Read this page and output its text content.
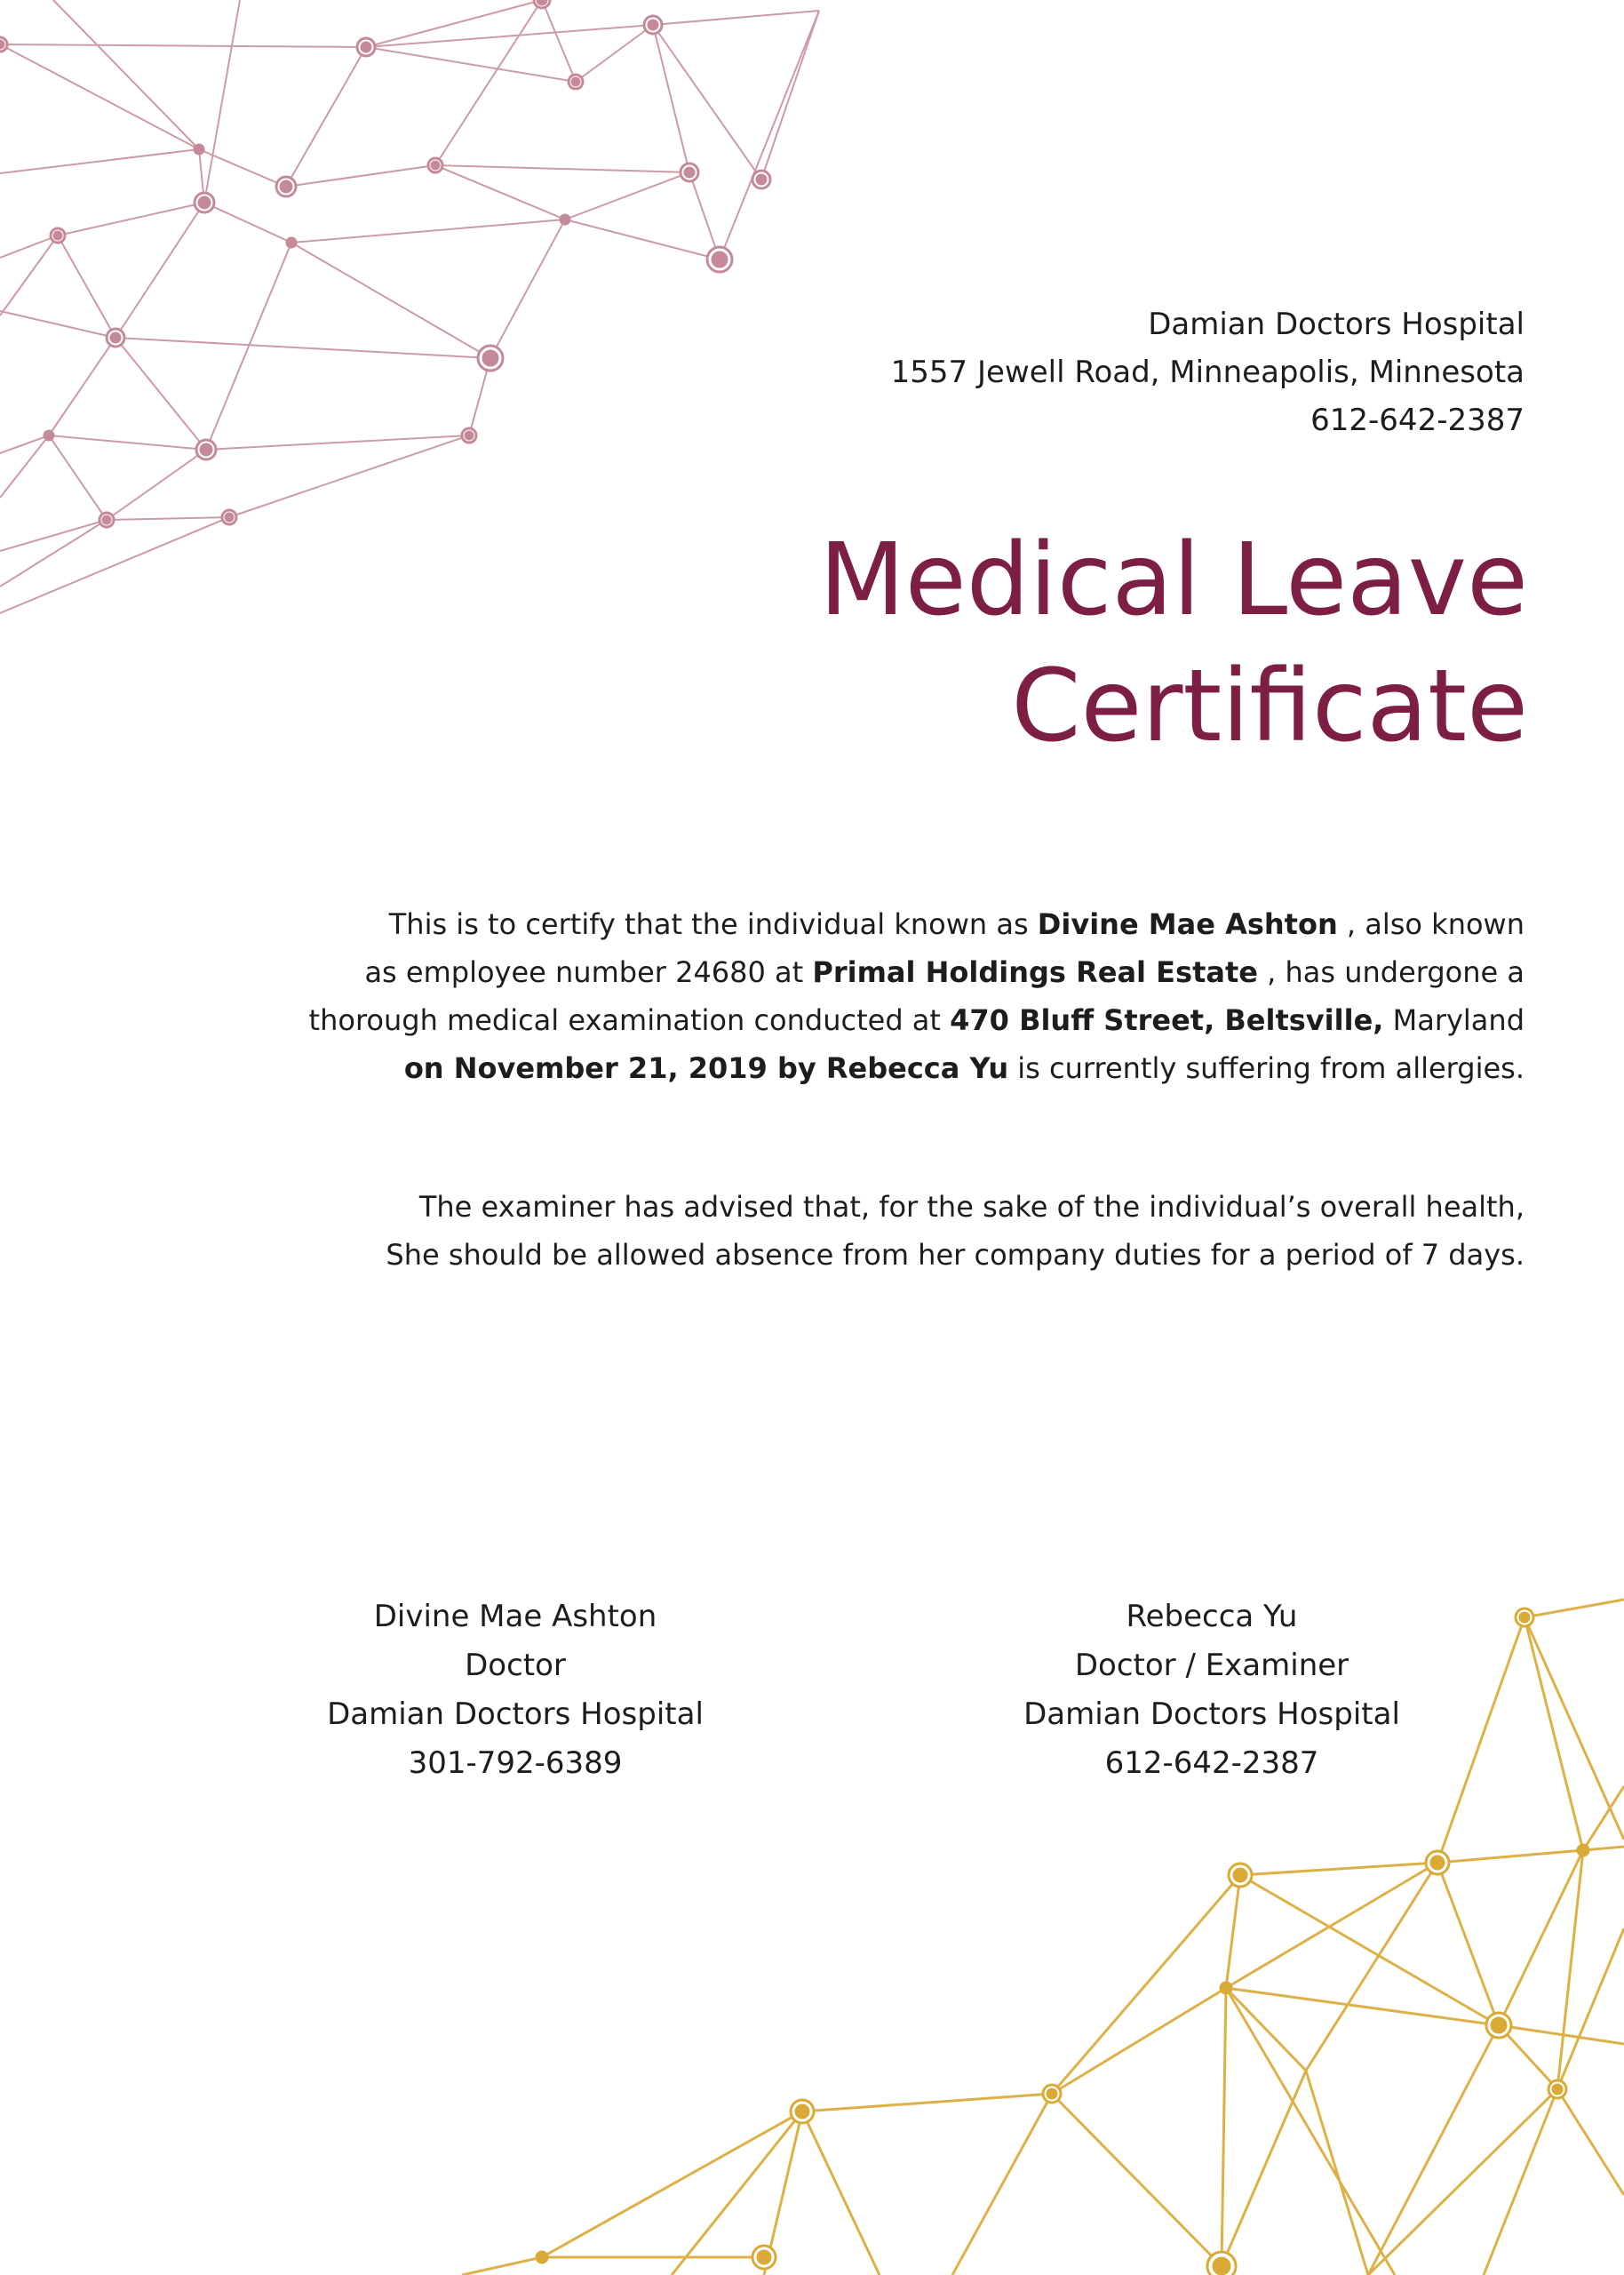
Damian Doctors Hospital
1557 Jewell Road, Minneapolis, Minnesota
612-642-2387
Medical Leave
Certificate
This is to certify that the individual known as Divine Mae Ashton , also known
as employee number 24680 at Primal Holdings Real Estate , has undergone a
thorough medical examination conducted at 470 Bluff Street, Beltsville, Maryland
on November 21, 2019 by Rebecca Yu is currently suffering from allergies.
The examiner has advised that, for the sake of the individual’s overall health,
She should be allowed absence from her company duties for a period of 7 days.
Divine Mae Ashton
Doctor
Damian Doctors Hospital
301-792-6389
Rebecca Yu
Doctor / Examiner
Damian Doctors Hospital
612-642-2387
